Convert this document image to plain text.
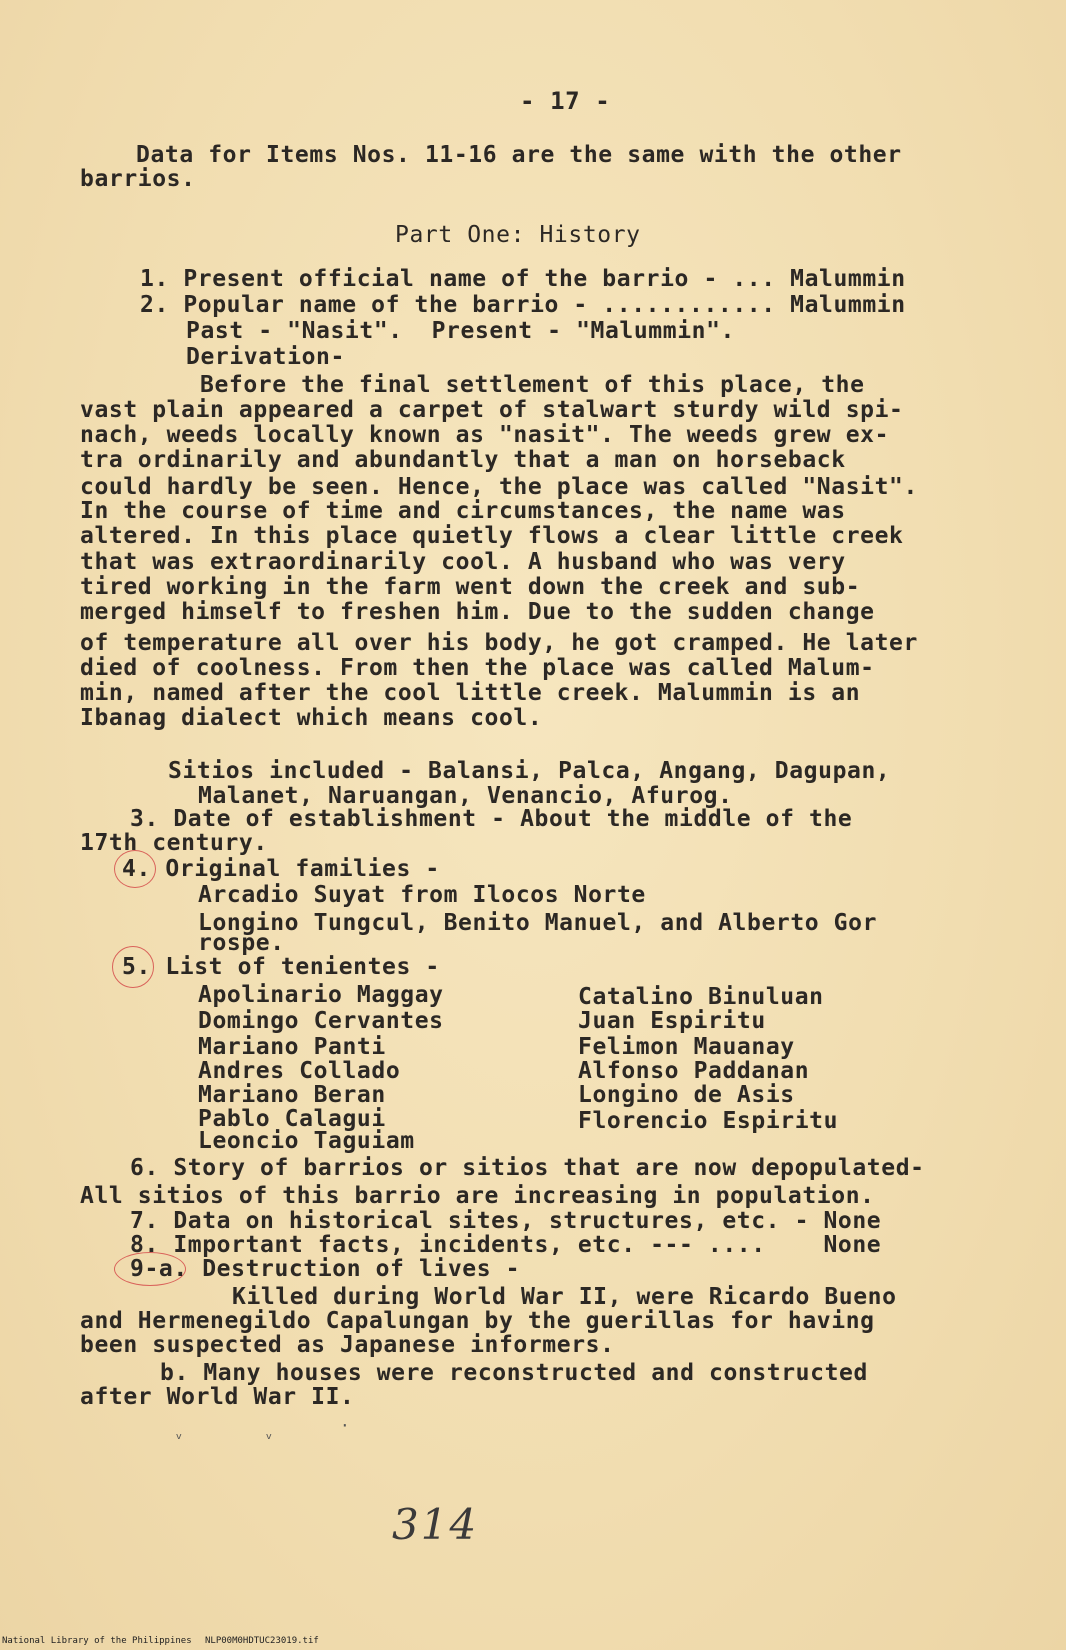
- 17 -
Data for Items Nos. 11-16 are the same with the other
barrios.
Part One: History
1. Present official name of the barrio - ... Malummin
2. Popular name of the barrio - ............ Malummin
Past - "Nasit".  Present - "Malummin".
Derivation-
Before the final settlement of this place, the
vast plain appeared a carpet of stalwart sturdy wild spi-
nach, weeds locally known as "nasit". The weeds grew ex-
tra ordinarily and abundantly that a man on horseback
could hardly be seen. Hence, the place was called "Nasit".
In the course of time and circumstances, the name was
altered. In this place quietly flows a clear little creek
that was extraordinarily cool. A husband who was very
tired working in the farm went down the creek and sub-
merged himself to freshen him. Due to the sudden change
of temperature all over his body, he got cramped. He later
died of coolness. From then the place was called Malum-
min, named after the cool little creek. Malummin is an
Ibanag dialect which means cool.
Sitios included - Balansi, Palca, Angang, Dagupan,
Malanet, Naruangan, Venancio, Afurog.
3. Date of establishment - About the middle of the
17th century.
4. Original families -
Arcadio Suyat from Ilocos Norte
Longino Tungcul, Benito Manuel, and Alberto Gor
rospe.
5. List of tenientes -
Apolinario Maggay
Domingo Cervantes
Mariano Panti
Andres Collado
Mariano Beran
Pablo Calagui
Leoncio Taguiam
Catalino Binuluan
Juan Espiritu
Felimon Mauanay
Alfonso Paddanan
Longino de Asis
Florencio Espiritu
6. Story of barrios or sitios that are now depopulated-
All sitios of this barrio are increasing in population.
7. Data on historical sites, structures, etc. - None
8. Important facts, incidents, etc. --- ....    None
9-a. Destruction of lives -
Killed during World War II, were Ricardo Bueno
and Hermenegildo Capalungan by the guerillas for having
been suspected as Japanese informers.
b. Many houses were reconstructed and constructed
after World War II.
ᵥ	ᵥ	·
314
National Library of the Philippines NLP00M0HDTUC23019.tif
